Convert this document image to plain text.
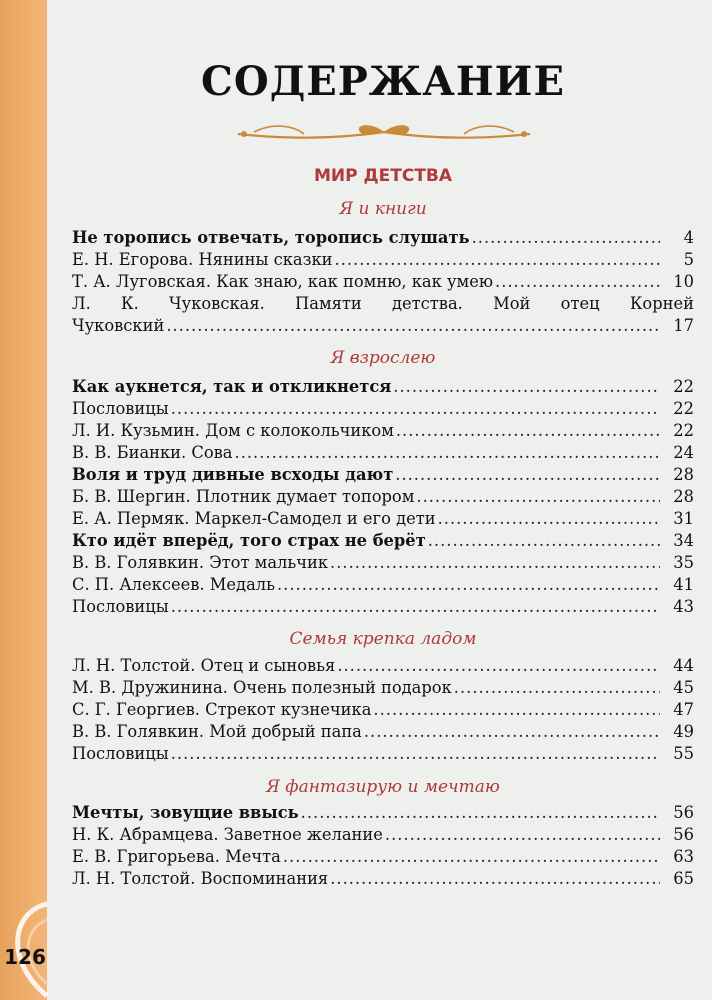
126
СОДЕРЖАНИЕ
МИР ДЕТСТВА
Я и книги
Не торопись отвечать, торопись слушать .....	4
Е. Н. Егорова. Нянины сказки .....	5
Т. А. Луговская. Как знаю, как помню, как умею .....	10
Л. К. Чуковская. Памяти детства. Мой отец Корней
Чуковский .....	17
Я взрослею
Как аукнется, так и откликнется .....	22
Пословицы .....	22
Л. И. Кузьмин. Дом с колокольчиком .....	22
В. В. Бианки. Сова .....	24
Воля и труд дивные всходы дают .....	28
Б. В. Шергин. Плотник думает топором .....	28
Е. А. Пермяк. Маркел-Самодел и его дети .....	31
Кто идёт вперёд, того страх не берёт .....	34
В. В. Голявкин. Этот мальчик .....	35
С. П. Алексеев. Медаль .....	41
Пословицы .....	43
Семья крепка ладом
Л. Н. Толстой. Отец и сыновья .....	44
М. В. Дружинина. Очень полезный подарок .....	45
С. Г. Георгиев. Стрекот кузнечика .....	47
В. В. Голявкин. Мой добрый папа .....	49
Пословицы .....	55
Я фантазирую и мечтаю
Мечты, зовущие ввысь .....	56
Н. К. Абрамцева. Заветное желание .....	56
Е. В. Григорьева. Мечта .....	63
Л. Н. Толстой. Воспоминания .....	65
